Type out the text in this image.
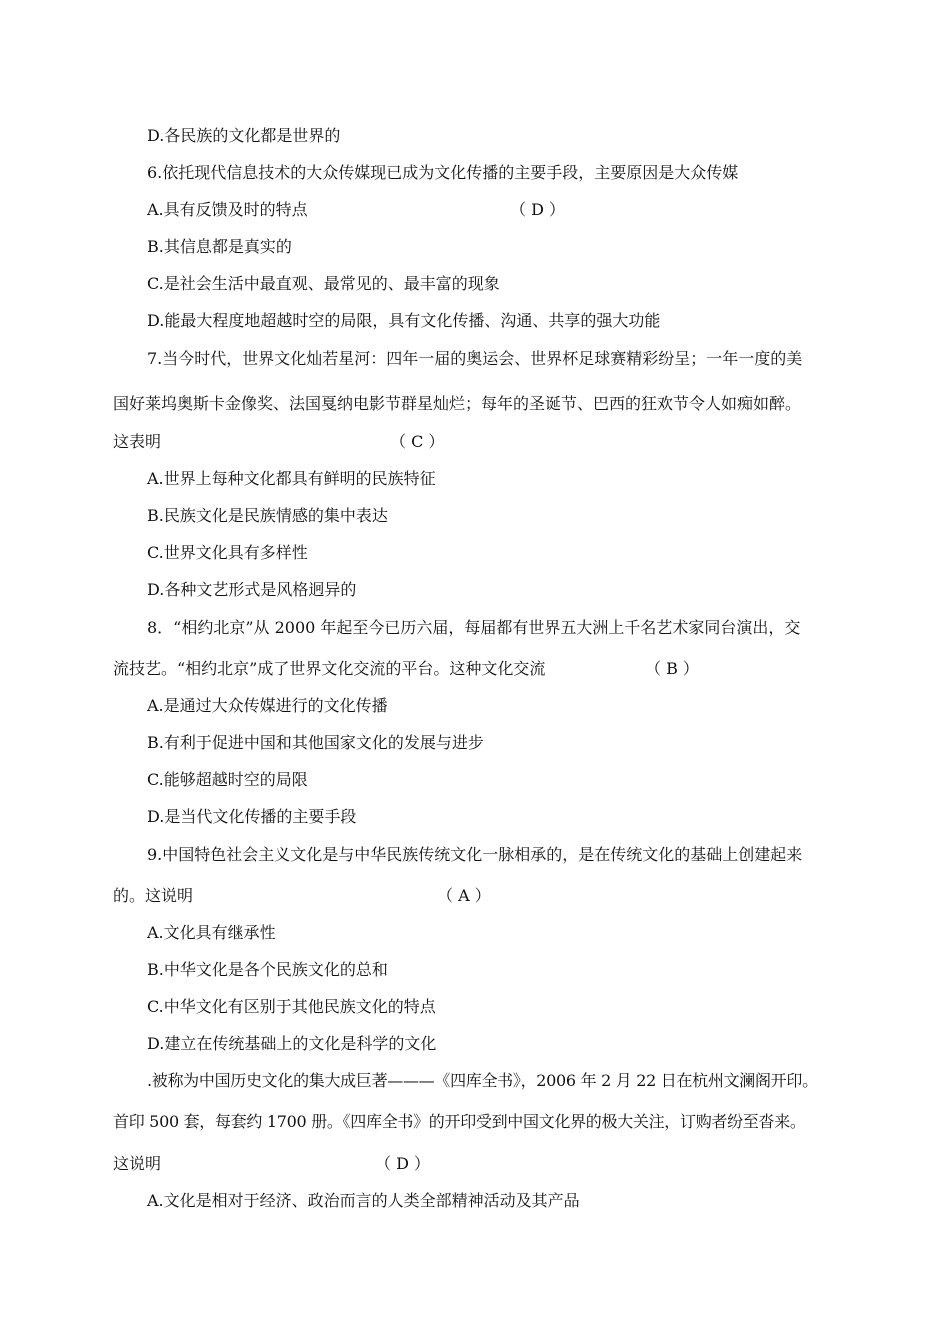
D.各民族的文化都是世界的
6.依托现代信息技术的大众传媒现已成为文化传播的主要手段，主要原因是大众传媒
A.具有反馈及时的特点	（ D ）
B.其信息都是真实的
C.是社会生活中最直观、最常见的、最丰富的现象
D.能最大程度地超越时空的局限，具有文化传播、沟通、共享的强大功能
7.当今时代，世界文化灿若星河：四年一届的奥运会、世界杯足球赛精彩纷呈；一年一度的美
国好莱坞奥斯卡金像奖、法国戛纳电影节群星灿烂；每年的圣诞节、巴西的狂欢节令人如痴如醉。
这表明	（ C ）
A.世界上每种文化都具有鲜明的民族特征
B.民族文化是民族情感的集中表达
C.世界文化具有多样性
D.各种文艺形式是风格迥异的
8．“相约北京”从 2000 年起至今已历六届，每届都有世界五大洲上千名艺术家同台演出，交
流技艺。“相约北京”成了世界文化交流的平台。这种文化交流	（ B ）
A.是通过大众传媒进行的文化传播
B.有利于促进中国和其他国家文化的发展与进步
C.能够超越时空的局限
D.是当代文化传播的主要手段
9.中国特色社会主义文化是与中华民族传统文化一脉相承的，是在传统文化的基础上创建起来
的。这说明	（ A ）
A.文化具有继承性
B.中华文化是各个民族文化的总和
C.中华文化有区别于其他民族文化的特点
D.建立在传统基础上的文化是科学的文化
.被称为中国历史文化的集大成巨著———《四库全书》，2006 年 2 月 22 日在杭州文澜阁开印。
首印 500 套，每套约 1700 册。《四库全书》的开印受到中国文化界的极大关注，订购者纷至沓来。
这说明	（ D ）
A.文化是相对于经济、政治而言的人类全部精神活动及其产品
